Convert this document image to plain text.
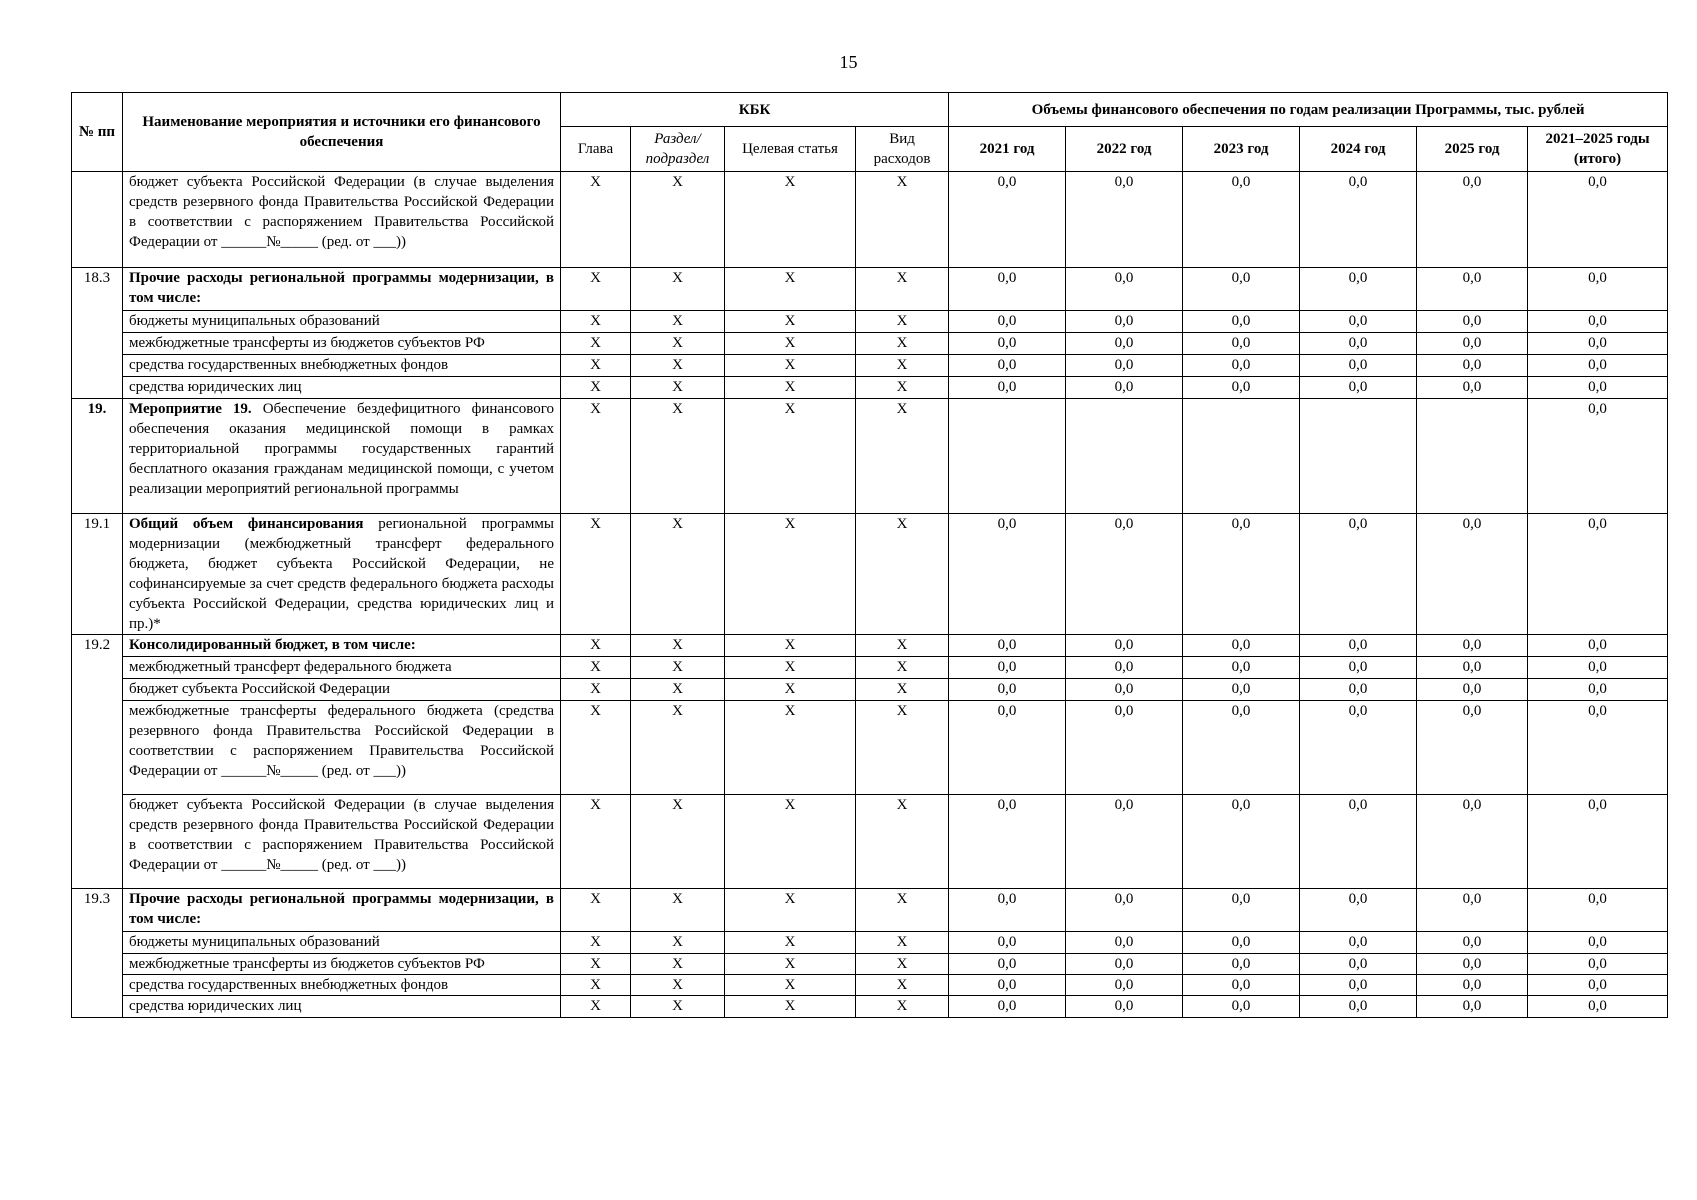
15
№ пп	Наименование мероприятия и источники его финансового обеспечения	КБК				Объемы финансового обеспечения по годам реализации Программы, тыс. рублей					
		Глава	Раздел/ подраздел	Целевая статья	Вид расходов	2021 год	2022 год	2023 год	2024 год	2025 год	2021–2025 годы (итого)
	бюджет субъекта Российской Федерации (в случае выделения средств резервного фонда Правительства Российской Федерации в соответствии с распоряжением Правительства Российской Федерации от ______№_____ (ред. от ___))	X	X	X	X	0,0	0,0	0,0	0,0	0,0	0,0
18.3	Прочие расходы региональной программы модернизации, в том числе:	X	X	X	X	0,0	0,0	0,0	0,0	0,0	0,0
	бюджеты муниципальных образований	X	X	X	X	0,0	0,0	0,0	0,0	0,0	0,0
	межбюджетные трансферты из бюджетов субъектов РФ	X	X	X	X	0,0	0,0	0,0	0,0	0,0	0,0
	средства государственных внебюджетных фондов	X	X	X	X	0,0	0,0	0,0	0,0	0,0	0,0
	средства юридических лиц	X	X	X	X	0,0	0,0	0,0	0,0	0,0	0,0
19.	Мероприятие 19. Обеспечение бездефицитного финансового обеспечения оказания медицинской помощи в рамках территориальной программы государственных гарантий бесплатного оказания гражданам медицинской помощи, с учетом реализации мероприятий региональной программы	X	X	X	X						0,0
19.1	Общий объем финансирования региональной программы модернизации (межбюджетный трансферт федерального бюджета, бюджет субъекта Российской Федерации, не софинансируемые за счет средств федерального бюджета расходы субъекта Российской Федерации, средства юридических лиц и пр.)*	X	X	X	X	0,0	0,0	0,0	0,0	0,0	0,0
19.2	Консолидированный бюджет, в том числе:	X	X	X	X	0,0	0,0	0,0	0,0	0,0	0,0
	межбюджетный трансферт федерального бюджета	X	X	X	X	0,0	0,0	0,0	0,0	0,0	0,0
	бюджет субъекта Российской Федерации	X	X	X	X	0,0	0,0	0,0	0,0	0,0	0,0
	межбюджетные трансферты федерального бюджета (средства резервного фонда Правительства Российской Федерации в соответствии с распоряжением Правительства Российской Федерации от ______№_____ (ред. от ___))	X	X	X	X	0,0	0,0	0,0	0,0	0,0	0,0
	бюджет субъекта Российской Федерации (в случае выделения средств резервного фонда Правительства Российской Федерации в соответствии с распоряжением Правительства Российской Федерации от ______№_____ (ред. от ___))	X	X	X	X	0,0	0,0	0,0	0,0	0,0	0,0
19.3	Прочие расходы региональной программы модернизации, в том числе:	X	X	X	X	0,0	0,0	0,0	0,0	0,0	0,0
	бюджеты муниципальных образований	X	X	X	X	0,0	0,0	0,0	0,0	0,0	0,0
	межбюджетные трансферты из бюджетов субъектов РФ	X	X	X	X	0,0	0,0	0,0	0,0	0,0	0,0
	средства государственных внебюджетных фондов	X	X	X	X	0,0	0,0	0,0	0,0	0,0	0,0
	средства юридических лиц	X	X	X	X	0,0	0,0	0,0	0,0	0,0	0,0
